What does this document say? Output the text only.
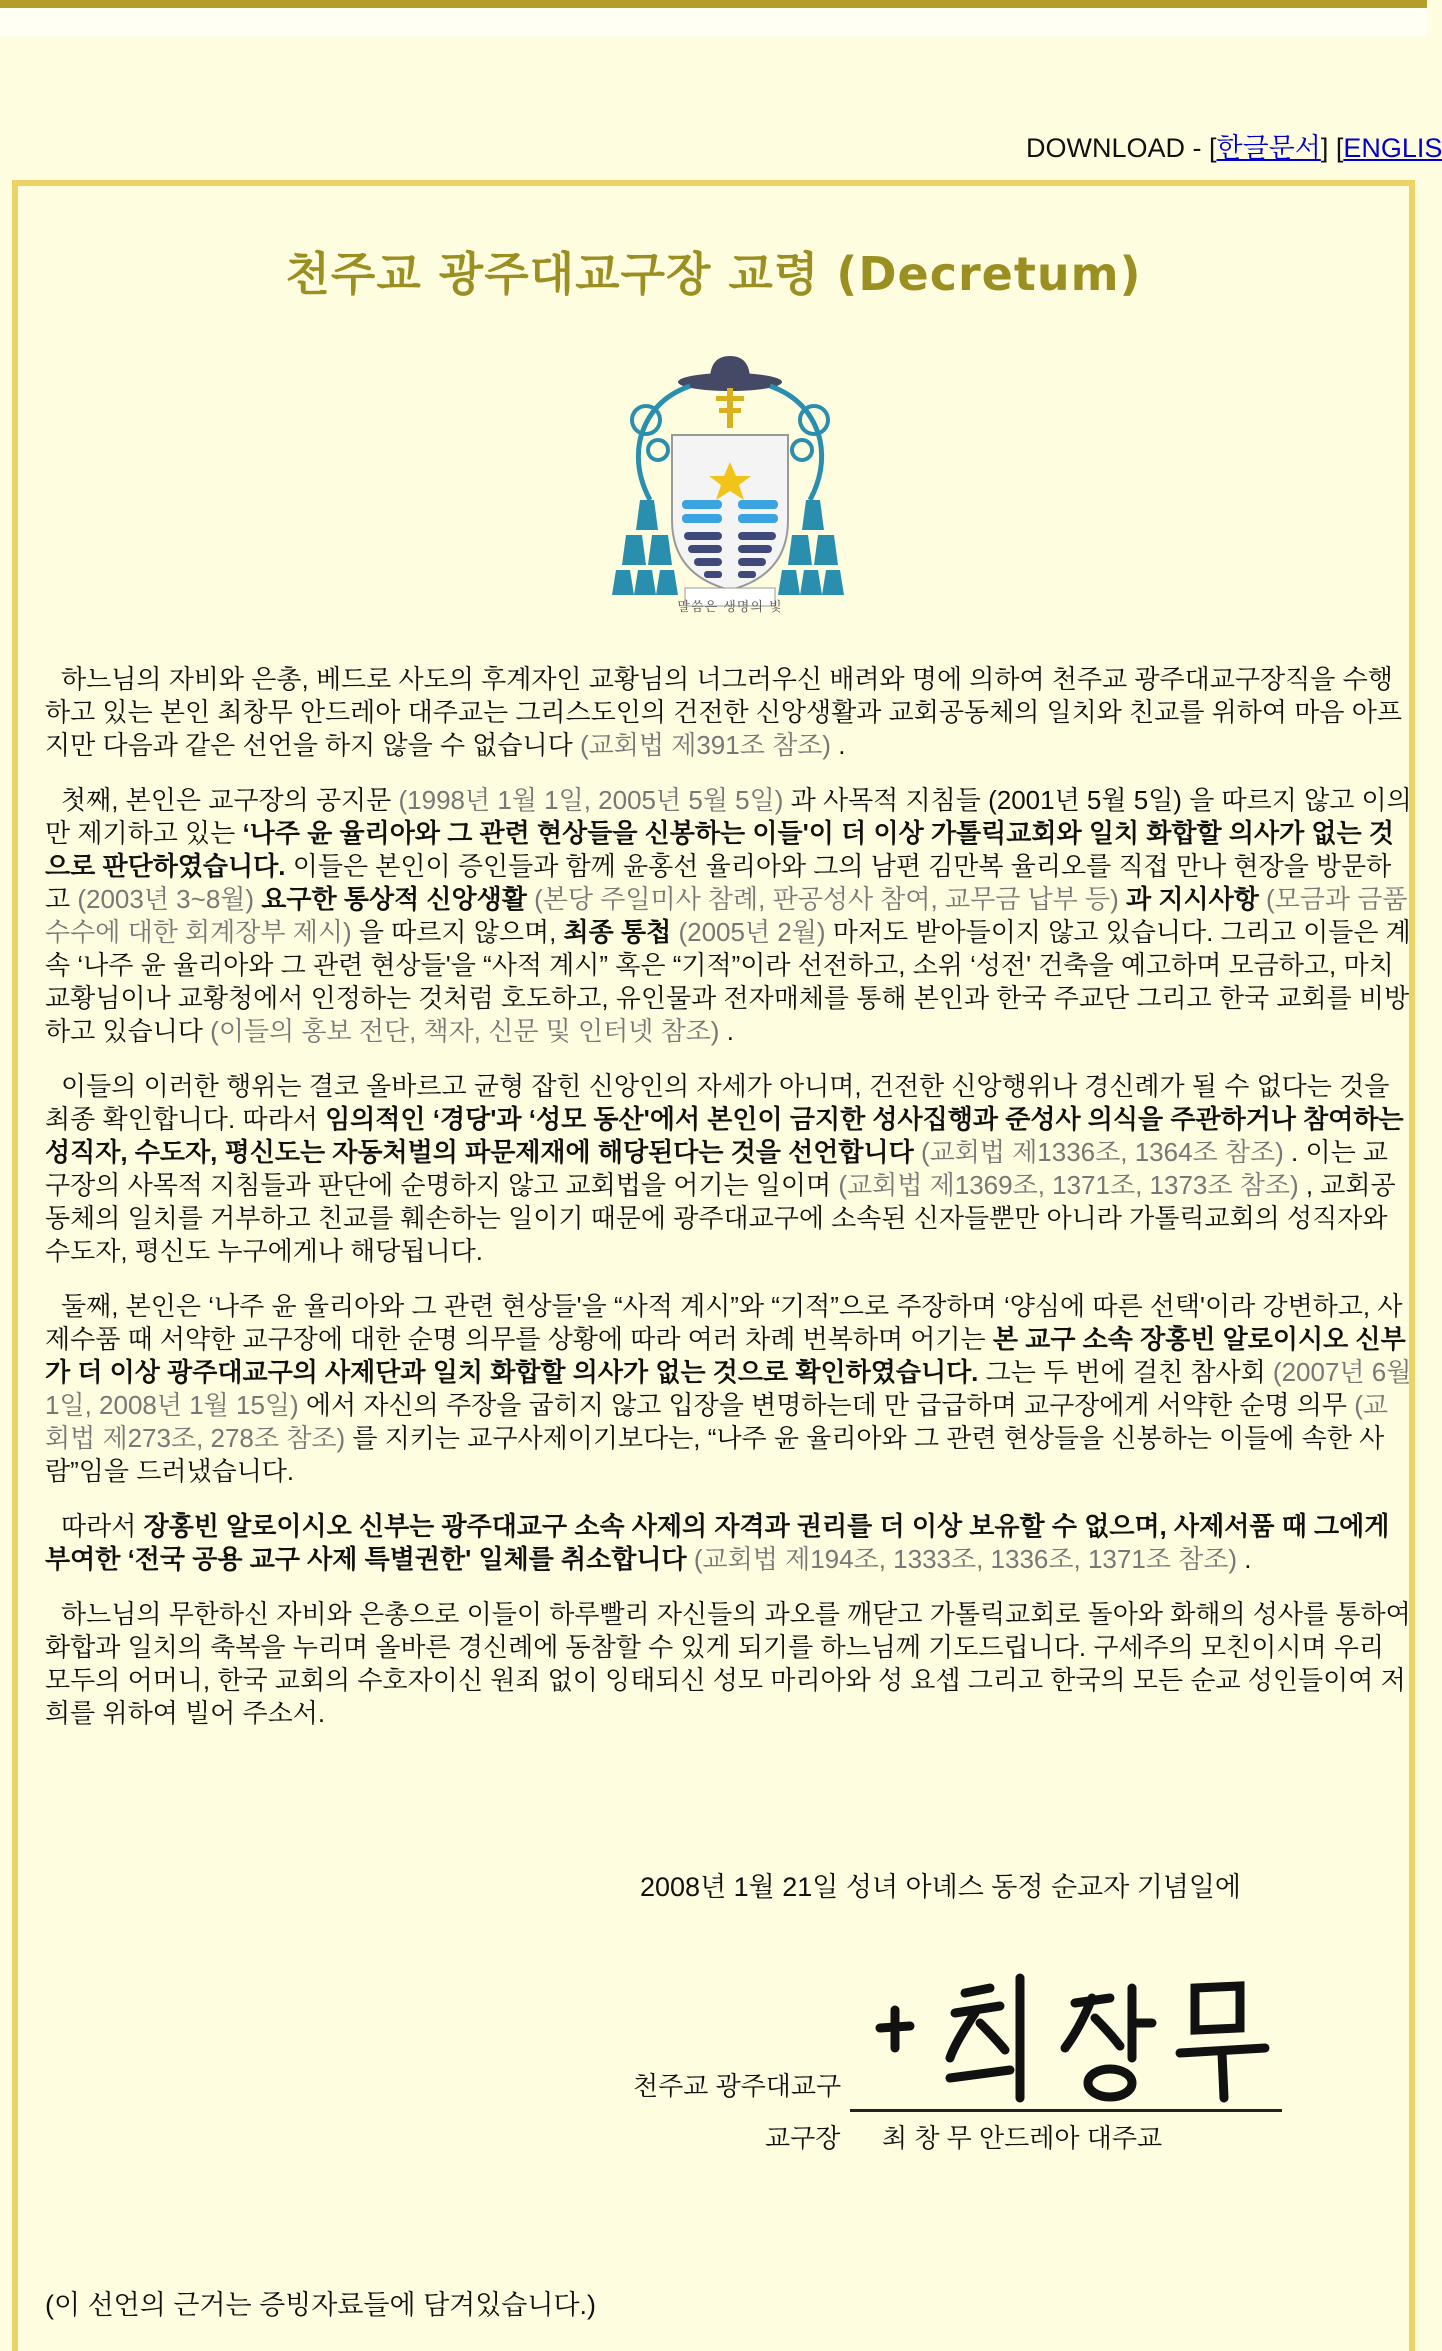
DOWNLOAD - [한글문서] [ENGLIS
천주교 광주대교구장 교령 (Decretum)
말씀은 생명의 빛

하느님의 자비와 은총, 베드로 사도의 후계자인 교황님의 너그러우신 배려와 명에 의하여 천주교 광주대교구장직을 수행하고 있는 본인 최창무 안드레아 대주교는 그리스도인의 건전한 신앙생활과 교회공동체의 일치와 친교를 위하여 마음 아프지만 다음과 같은 선언을 하지 않을 수 없습니다 (교회법 제391조 참조) .

첫째, 본인은 교구장의 공지문 (1998년 1월 1일, 2005년 5월 5일) 과 사목적 지침들 (2001년 5월 5일) 을 따르지 않고 이의만 제기하고 있는 ‘나주 윤 율리아와 그 관련 현상들을 신봉하는 이들'이 더 이상 가톨릭교회와 일치 화합할 의사가 없는 것으로 판단하였습니다. 이들은 본인이 증인들과 함께 윤홍선 율리아와 그의 남편 김만복 율리오를 직접 만나 현장을 방문하고 (2003년 3~8월) 요구한 통상적 신앙생활 (본당 주일미사 참례, 판공성사 참여, 교무금 납부 등) 과 지시사항 (모금과 금품 수수에 대한 회계장부 제시) 을 따르지 않으며, 최종 통첩 (2005년 2월) 마저도 받아들이지 않고 있습니다. 그리고 이들은 계속 ‘나주 윤 율리아와 그 관련 현상들'을 “사적 계시” 혹은 “기적”이라 선전하고, 소위 ‘성전' 건축을 예고하며 모금하고, 마치 교황님이나 교황청에서 인정하는 것처럼 호도하고, 유인물과 전자매체를 통해 본인과 한국 주교단 그리고 한국 교회를 비방하고 있습니다 (이들의 홍보 전단, 책자, 신문 및 인터넷 참조) .

이들의 이러한 행위는 결코 올바르고 균형 잡힌 신앙인의 자세가 아니며, 건전한 신앙행위나 경신례가 될 수 없다는 것을 최종 확인합니다. 따라서 임의적인 ‘경당'과 ‘성모 동산'에서 본인이 금지한 성사집행과 준성사 의식을 주관하거나 참여하는 성직자, 수도자, 평신도는 자동처벌의 파문제재에 해당된다는 것을 선언합니다 (교회법 제1336조, 1364조 참조) . 이는 교구장의 사목적 지침들과 판단에 순명하지 않고 교회법을 어기는 일이며 (교회법 제1369조, 1371조, 1373조 참조) , 교회공동체의 일치를 거부하고 친교를 훼손하는 일이기 때문에 광주대교구에 소속된 신자들뿐만 아니라 가톨릭교회의 성직자와 수도자, 평신도 누구에게나 해당됩니다.

둘째, 본인은 ‘나주 윤 율리아와 그 관련 현상들'을 “사적 계시”와 “기적”으로 주장하며 ‘양심에 따른 선택'이라 강변하고, 사제수품 때 서약한 교구장에 대한 순명 의무를 상황에 따라 여러 차례 번복하며 어기는 본 교구 소속 장홍빈 알로이시오 신부가 더 이상 광주대교구의 사제단과 일치 화합할 의사가 없는 것으로 확인하였습니다. 그는 두 번에 걸친 참사회 (2007년 6월 1일, 2008년 1월 15일) 에서 자신의 주장을 굽히지 않고 입장을 변명하는데 만 급급하며 교구장에게 서약한 순명 의무 (교회법 제273조, 278조 참조) 를 지키는 교구사제이기보다는, “나주 윤 율리아와 그 관련 현상들을 신봉하는 이들에 속한 사람”임을 드러냈습니다.

따라서 장홍빈 알로이시오 신부는 광주대교구 소속 사제의 자격과 권리를 더 이상 보유할 수 없으며, 사제서품 때 그에게 부여한 ‘전국 공용 교구 사제 특별권한' 일체를 취소합니다 (교회법 제194조, 1333조, 1336조, 1371조 참조) .

하느님의 무한하신 자비와 은총으로 이들이 하루빨리 자신들의 과오를 깨닫고 가톨릭교회로 돌아와 화해의 성사를 통하여 화합과 일치의 축복을 누리며 올바른 경신례에 동참할 수 있게 되기를 하느님께 기도드립니다. 구세주의 모친이시며 우리 모두의 어머니, 한국 교회의 수호자이신 원죄 없이 잉태되신 성모 마리아와 성 요셉 그리고 한국의 모든 순교 성인들이여 저희를 위하여 빌어 주소서.

2008년 1월 21일 성녀 아녜스 동정 순교자 기념일에
천주교 광주대교구
교구장 최 창 무 안드레아 대주교
(이 선언의 근거는 증빙자료들에 담겨있습니다.)
